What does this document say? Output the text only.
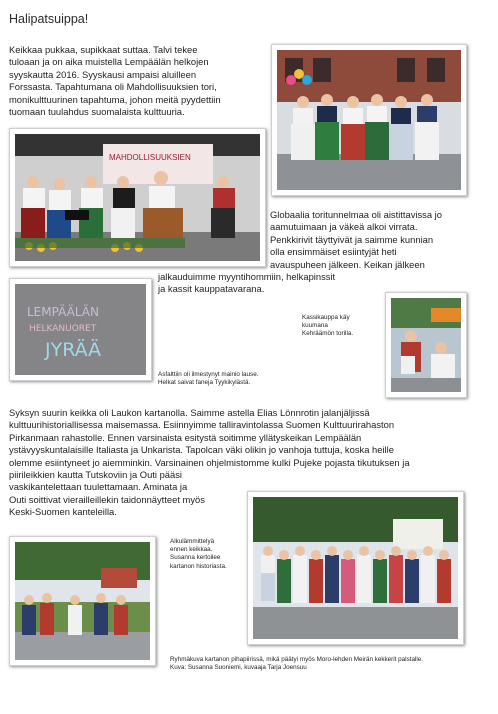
Halipatsuippa!
Keikkaa pukkaa, supikkaat suttaa. Talvi tekee
tuloaan ja on aika muistella Lempäälän helkojen
syyskautta 2016. Syyskausi ampaisi aluilleen
Forssasta. Tapahtumana oli Mahdollisuuksien tori,
monikulttuurinen tapahtuma, johon meitä pyydettiin
tuomaan tuulahdus suomalaista kulttuuria.
MAHDOLLISUUKSIEN
Globaalia toritunnelmaa oli aistittavissa jo
aamutuimaan ja väkeä alkoi virrata.
Penkkirivit täyttyivät ja saimme kunnian
olla ensimmäiset esiintyjät heti
avauspuheen jälkeen. Keikan jälkeen
jalkauduimme myyntihommiin, helkapinssit
ja kassit kauppatavarana.
LEMPÄÄLÄN
HELKANUORET
JYRÄÄ
Asfalttiin oli ilmestynyt mainio lause.
Helkat saivat faneja Tyykikylästä.
Kassikauppa käy
kuumana
Kehräämön torilla.
Syksyn suurin keikka oli Laukon kartanolla. Saimme astella Elias Lönnrotin jalanjäljissä
kulttuurihistoriallisessa maisemassa. Esiinnyimme talliravintolassa Suomen Kulttuurirahaston
Pirkanmaan rahastolle. Ennen varsinaista esitystä soitimme yllätyskeikan Lempäälän
ystävyyskuntalaisille Italiasta ja Unkarista. Tapolcan väki olikin jo vanhoja tuttuja, koska heille
olemme esiintyneet jo aiemminkin. Varsinainen ohjelmistomme kulki Pujeke pojasta tikutuksen ja
piirileikkien kautta Tutskoviin ja Outi pääsi
vaskikantelettaan tuulettamaan. Aminata ja
Outi soittivat vierailleillekin taidonnäytteet myös
Keski-Suomen kanteleilla.
Alkulämmittelyä
ennen keikkaa.
Susanna kertoilee
kartanon historiasta.
Ryhmäkuva kartanon pihapiirissä, mikä päätyi myös Moro-lehden Meirän kekkerit palstalle.
Kuva: Susanna Suoniemi, kuvaaja Tarja Joensuu
